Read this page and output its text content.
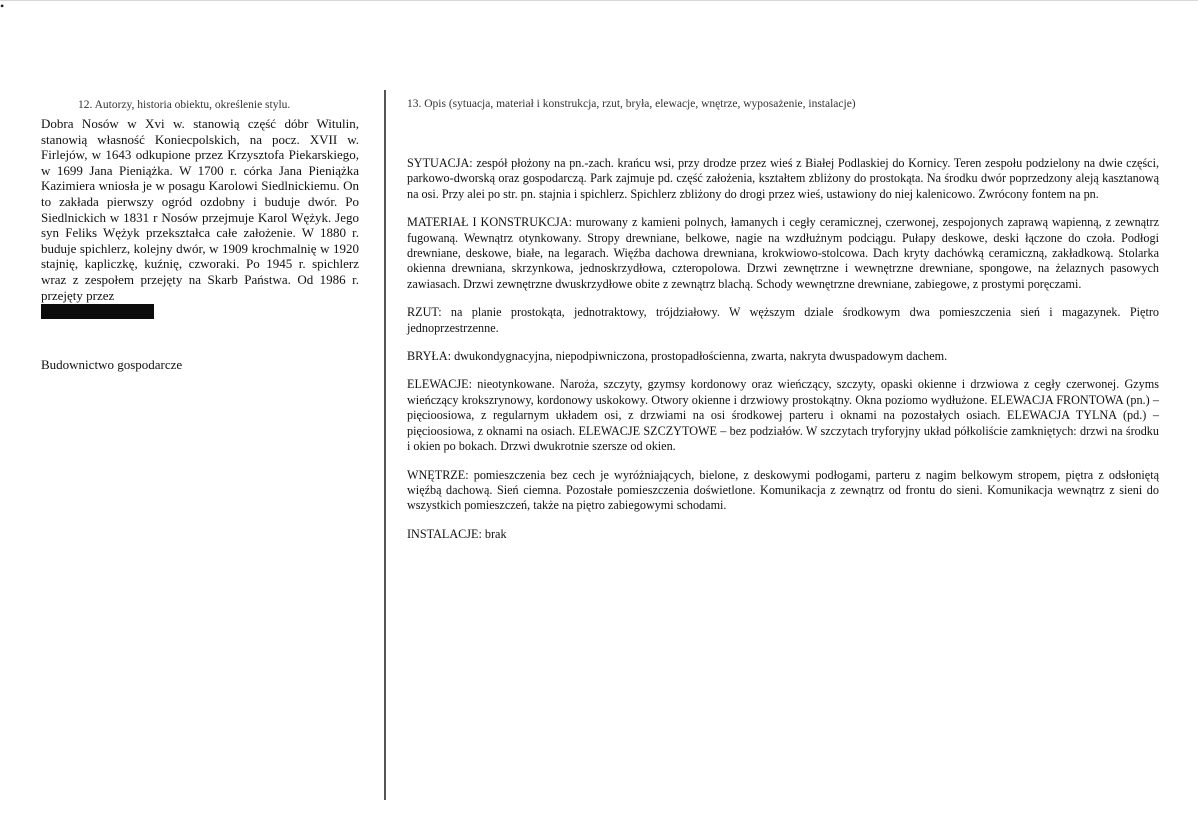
•
12. Autorzy, historia obiektu, określenie stylu.

Dobra Nosów w Xvi w. stanowią część dóbr Witulin, stanowią własność Koniecpolskich, na pocz. XVII w. Firlejów, w 1643 odkupione przez Krzysztofa Piekarskiego, w 1699 Jana Pieniążka. W 1700 r. córka Jana Pieniążka Kazimiera wniosła je w posagu Karolowi Siedlnickiemu. On to zakłada pierwszy ogród ozdobny i buduje dwór. Po Siedlnickich w 1831 r Nosów przejmuje Karol Wężyk. Jego syn Feliks Wężyk przekształca całe założenie. W 1880 r. buduje spichlerz, kolejny dwór, w 1909 krochmalnię w 1920 stajnię, kapliczkę, kuźnię, czworaki. Po 1945 r. spichlerz wraz z zespołem przejęty na Skarb Państwa. Od 1986 r. przejęty przez

Budownictwo gospodarcze

13. Opis (sytuacja, materiał i konstrukcja, rzut, bryła, elewacje, wnętrze, wyposażenie, instalacje)

SYTUACJA: zespół płożony na pn.-zach. krańcu wsi, przy drodze przez wieś z Białej Podlaskiej do Kornicy. Teren zespołu podzielony na dwie części, parkowo-dworską oraz gospodarczą. Park zajmuje pd. część założenia, kształtem zbliżony do prostokąta. Na środku dwór poprzedzony aleją kasztanową na osi. Przy alei po str. pn. stajnia i spichlerz. Spichlerz zbliżony do drogi przez wieś, ustawiony do niej kalenicowo. Zwrócony fontem na pn.

MATERIAŁ I KONSTRUKCJA: murowany z kamieni polnych, łamanych i cegły ceramicznej, czerwonej, zespojonych zaprawą wapienną, z zewnątrz fugowaną. Wewnątrz otynkowany. Stropy drewniane, belkowe, nagie na wzdłużnym podciągu. Pułapy deskowe, deski łączone do czoła. Podłogi drewniane, deskowe, białe, na legarach. Więźba dachowa drewniana, krokwiowo-stolcowa. Dach kryty dachówką ceramiczną, zakładkową. Stolarka okienna drewniana, skrzynkowa, jednoskrzydłowa, czteropolowa. Drzwi zewnętrzne i wewnętrzne drewniane, spongowe, na żelaznych pasowych zawiasach. Drzwi zewnętrzne dwuskrzydłowe obite z zewnątrz blachą. Schody wewnętrzne drewniane, zabiegowe, z prostymi poręczami.

RZUT: na planie prostokąta, jednotraktowy, trójdziałowy. W węższym dziale środkowym dwa pomieszczenia sień i magazynek. Piętro jednoprzestrzenne.

BRYŁA: dwukondygnacyjna, niepodpiwniczona, prostopadłościenna, zwarta, nakryta dwuspadowym dachem.

ELEWACJE: nieotynkowane. Naroża, szczyty, gzymsy kordonowy oraz wieńczący, szczyty, opaski okienne i drzwiowa z cegły czerwonej. Gzyms wieńczący krokszrynowy, kordonowy uskokowy. Otwory okienne i drzwiowy prostokątny. Okna poziomo wydłużone. ELEWACJA FRONTOWA (pn.) – pięcioosiowa, z regularnym układem osi, z drzwiami na osi środkowej parteru i oknami na pozostałych osiach. ELEWACJA TYLNA (pd.) – pięcioosiowa, z oknami na osiach. ELEWACJE SZCZYTOWE – bez podziałów. W szczytach tryforyjny układ półkoliście zamkniętych: drzwi na środku i okien po bokach. Drzwi dwukrotnie szersze od okien.

WNĘTRZE: pomieszczenia bez cech je wyróżniających, bielone, z deskowymi podłogami, parteru z nagim belkowym stropem, piętra z odsłoniętą więźbą dachową. Sień ciemna. Pozostałe pomieszczenia doświetlone. Komunikacja z zewnątrz od frontu do sieni. Komunikacja wewnątrz z sieni do wszystkich pomieszczeń, także na piętro zabiegowymi schodami.

INSTALACJE: brak
